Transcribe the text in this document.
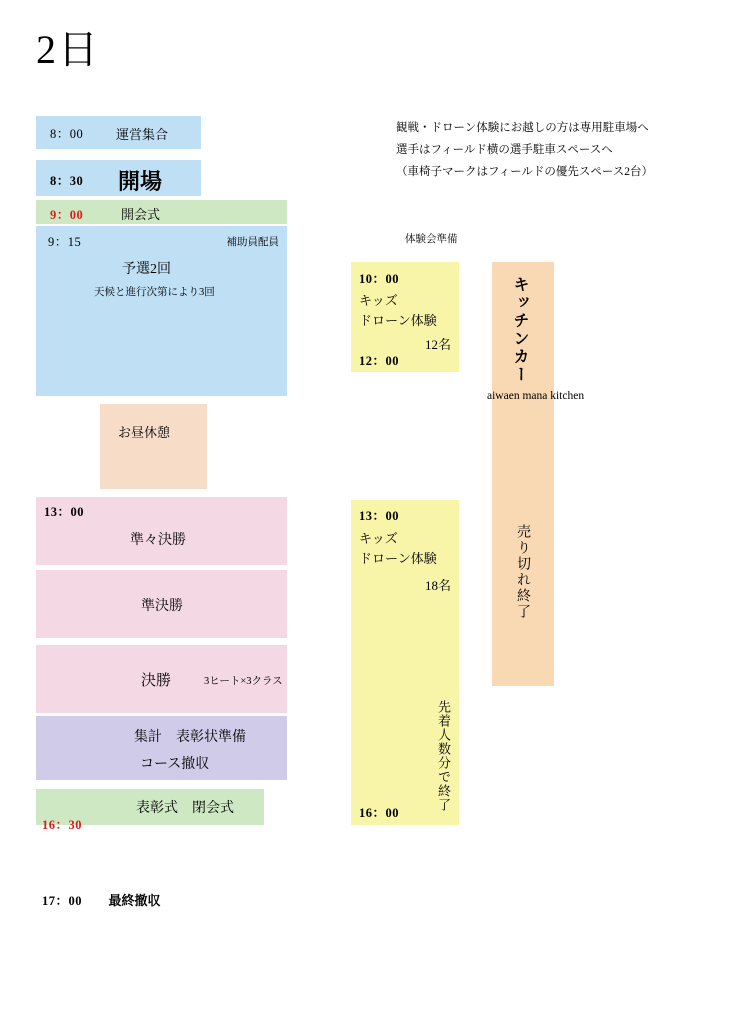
2日
観戦・ドローン体験にお越しの方は専用駐車場へ
選手はフィールド横の選手駐車スペースへ
（車椅子マークはフィールドの優先スペース2台）
8：00	運営集合
8：30 開場
9：00	開会式
9：15	補助員配員
予選2回
天候と進行次第により3回
お昼休憩
13：00
準々決勝
準決勝
決勝	3ヒート×3クラス
集計　表彰状準備
コース撤収
表彰式　閉会式
16：30
17：00 最終撤収
体験会準備
10：00
キッズ
ドローン体験
12名
12：00
13：00
キッズ
ドローン体験
18名
先着人数分で終了
16：00
キッチンカー
売り切れ終了
aiwaen mana kitchen
